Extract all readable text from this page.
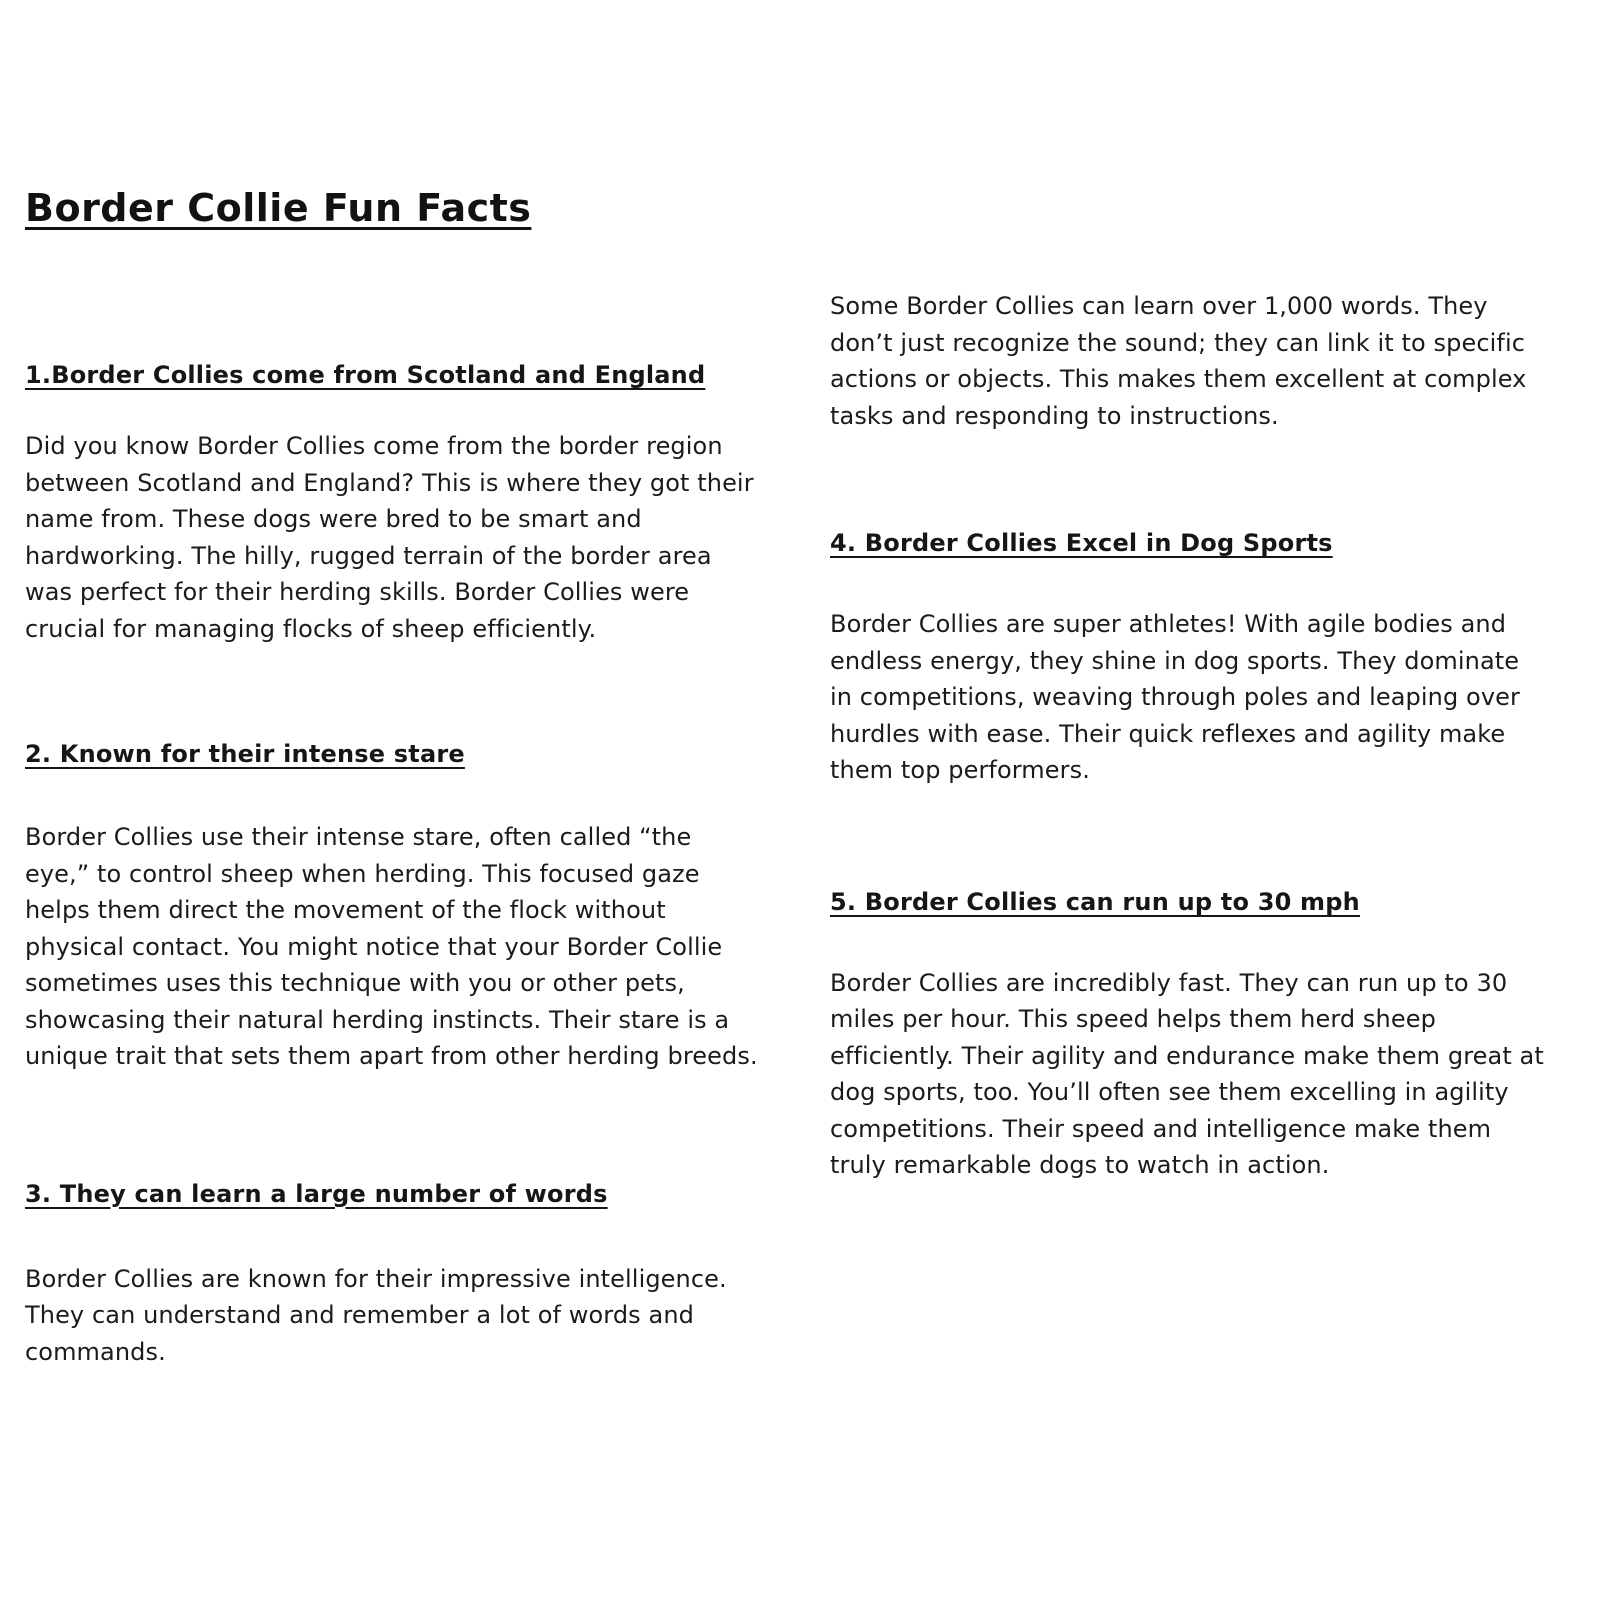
Border Collie Fun Facts
1.Border Collies come from Scotland and England

Did you know Border Collies come from the border region between Scotland and England? This is where they got their name from. These dogs were bred to be smart and hardworking. The hilly, rugged terrain of the border area was perfect for their herding skills. Border Collies were crucial for managing flocks of sheep efficiently.

2. Known for their intense stare

Border Collies use their intense stare, often called “the eye,” to control sheep when herding. This focused gaze helps them direct the movement of the flock without physical contact. You might notice that your Border Collie sometimes uses this technique with you or other pets, showcasing their natural herding instincts. Their stare is a unique trait that sets them apart from other herding breeds.

3. They can learn a large number of words

Border Collies are known for their impressive intelligence. They can understand and remember a lot of words and commands.

Some Border Collies can learn over 1,000 words. They don’t just recognize the sound; they can link it to specific actions or objects. This makes them excellent at complex tasks and responding to instructions.

4. Border Collies Excel in Dog Sports

Border Collies are super athletes! With agile bodies and endless energy, they shine in dog sports. They dominate in competitions, weaving through poles and leaping over hurdles with ease. Their quick reflexes and agility make them top performers.

5. Border Collies can run up to 30 mph

Border Collies are incredibly fast. They can run up to 30 miles per hour. This speed helps them herd sheep efficiently. Their agility and endurance make them great at dog sports, too. You’ll often see them excelling in agility competitions. Their speed and intelligence make them truly remarkable dogs to watch in action.
